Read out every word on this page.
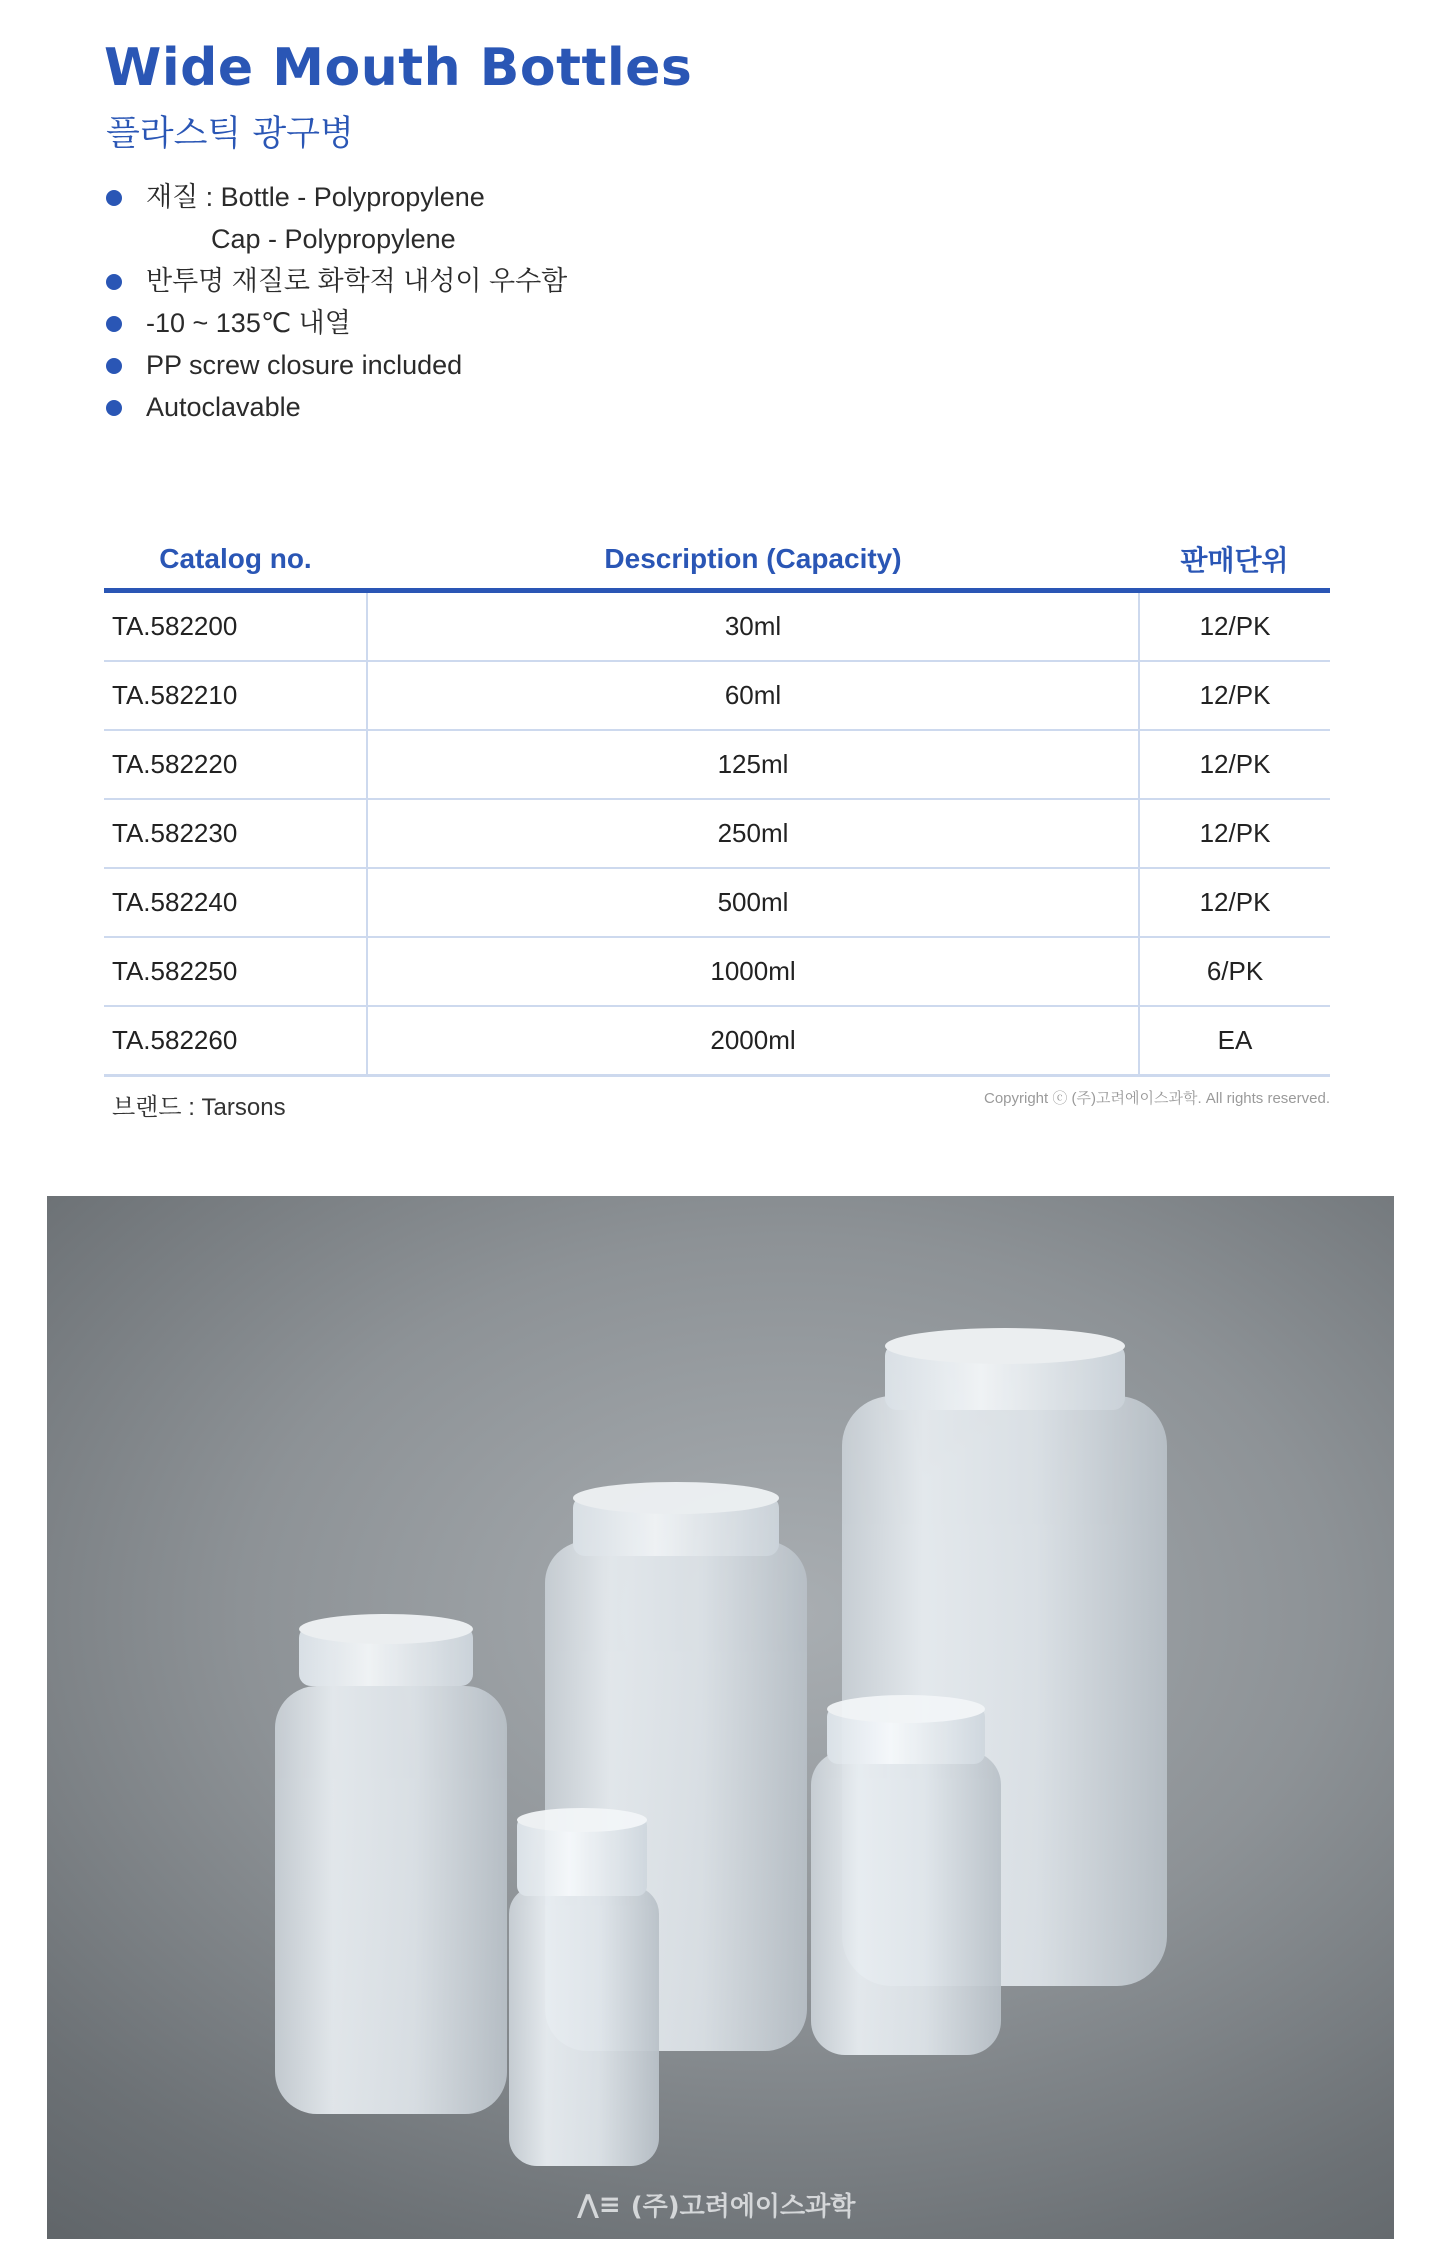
Wide Mouth Bottles
플라스틱 광구병
재질 : Bottle - Polypropylene
Cap - Polypropylene
반투명 재질로 화학적 내성이 우수함
-10 ~ 135℃ 내열
PP screw closure included
Autoclavable
Catalog no.	Description (Capacity)	판매단위
TA.582200	30ml	12/PK
TA.582210	60ml	12/PK
TA.582220	125ml	12/PK
TA.582230	250ml	12/PK
TA.582240	500ml	12/PK
TA.582250	1000ml	6/PK
TA.582260	2000ml	EA
브랜드 : Tarsons	Copyright ⓒ (주)고려에이스과학. All rights reserved.
⋀≡ (주)고려에이스과학
